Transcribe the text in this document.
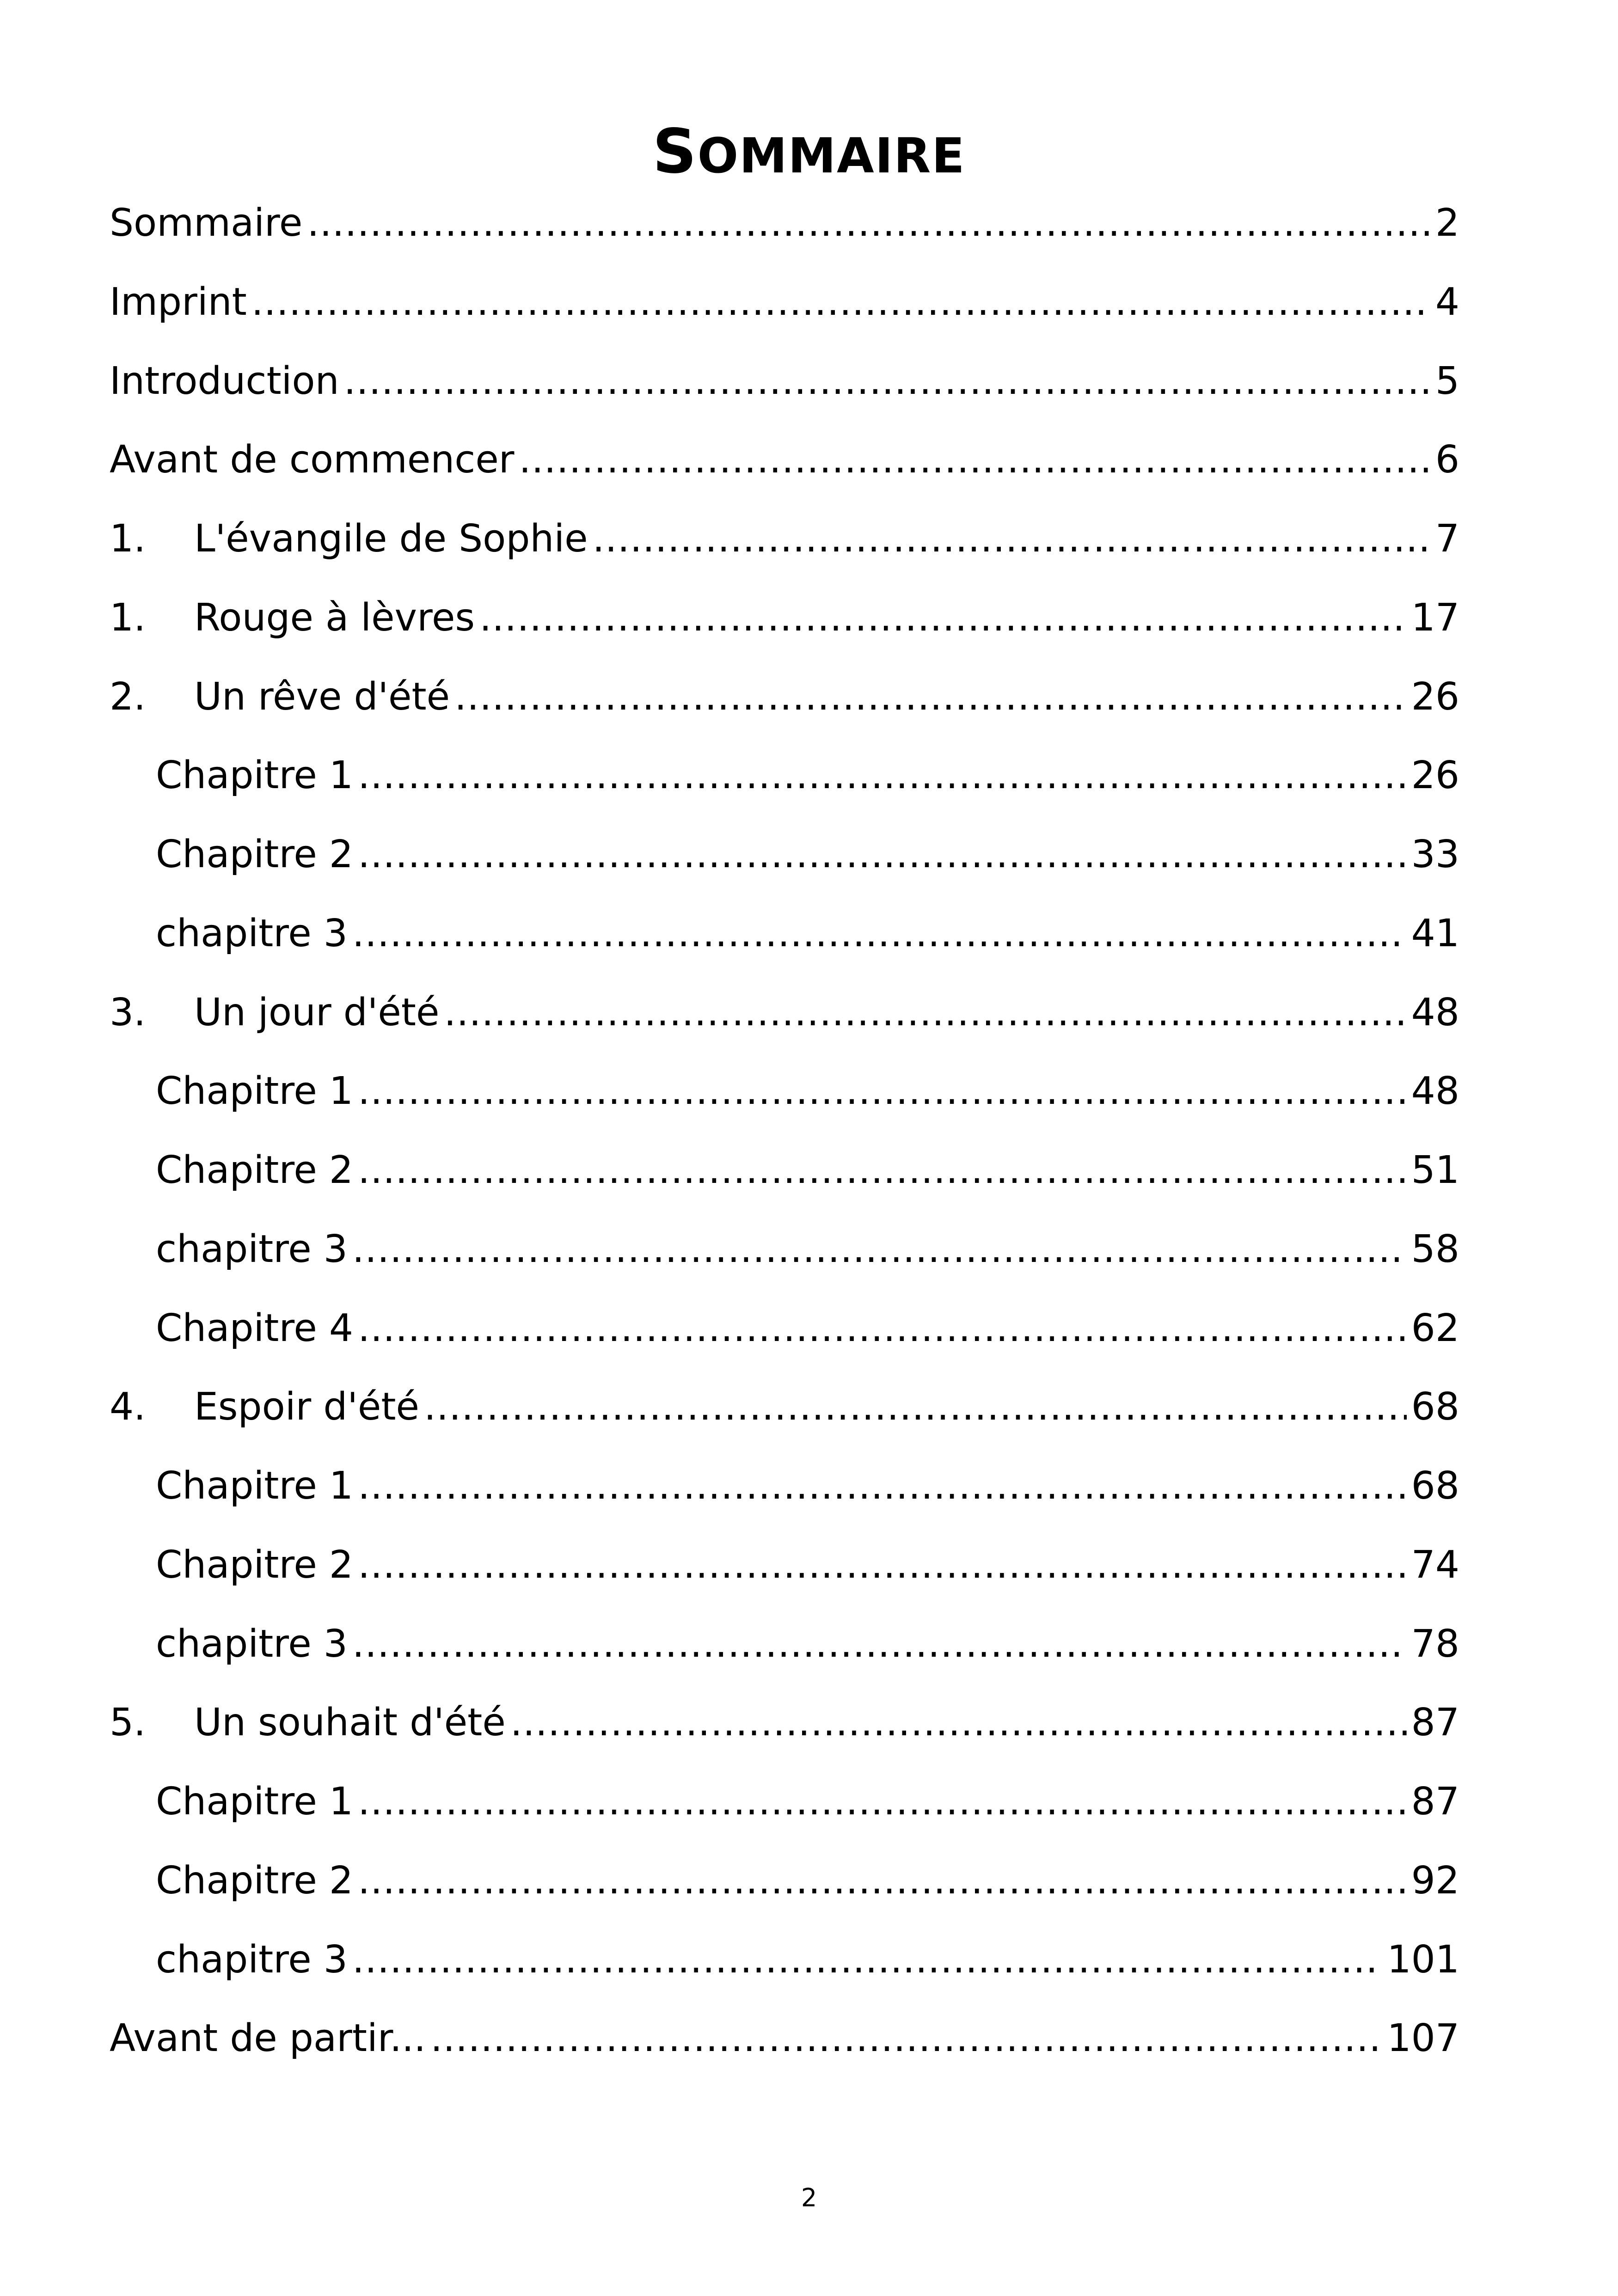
SOMMAIRE
Sommaire .....	2
Imprint .....	4
Introduction .....	5
Avant de commencer .....	6
1.	L'évangile de Sophie .....	7
1.	Rouge à lèvres .....	17
2.	Un rêve d'été .....	26
Chapitre 1 .....	26
Chapitre 2 .....	33
chapitre 3 .....	41
3.	Un jour d'été .....	48
Chapitre 1 .....	48
Chapitre 2 .....	51
chapitre 3 .....	58
Chapitre 4 .....	62
4.	Espoir d'été .....	68
Chapitre 1 .....	68
Chapitre 2 .....	74
chapitre 3 .....	78
5.	Un souhait d'été .....	87
Chapitre 1 .....	87
Chapitre 2 .....	92
chapitre 3 .....	101
Avant de partir... .....	107
2
